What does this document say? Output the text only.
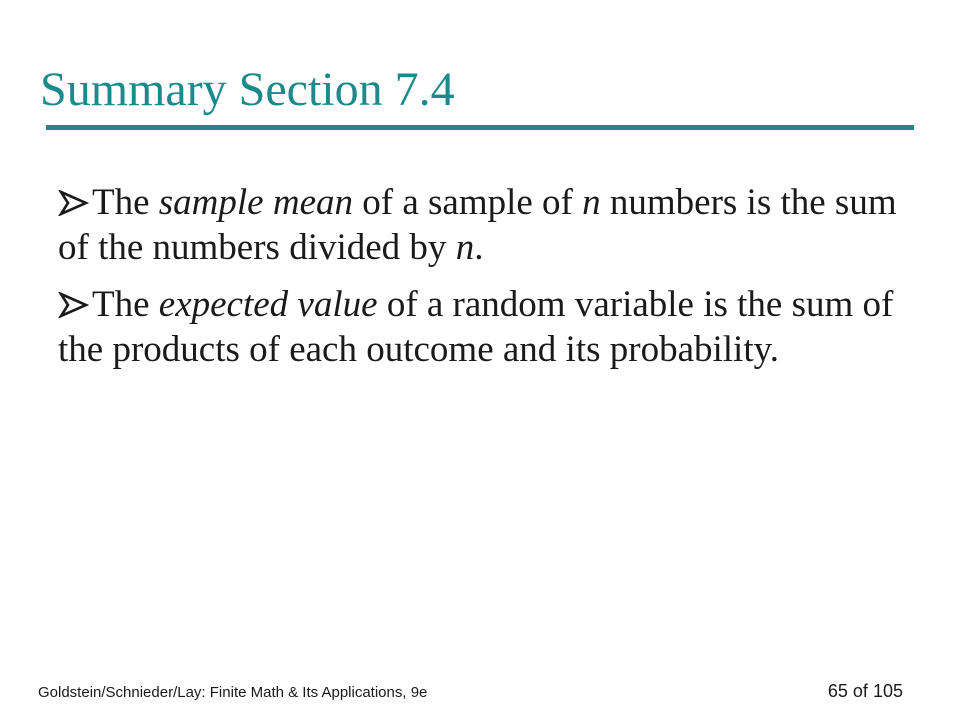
Summary Section 7.4
The sample mean of a sample of n numbers is the sum of the numbers divided by n.
The expected value of a random variable is the sum of the products of each outcome and its probability.
Goldstein/Schnieder/Lay: Finite Math & Its Applications, 9e	65 of 105
